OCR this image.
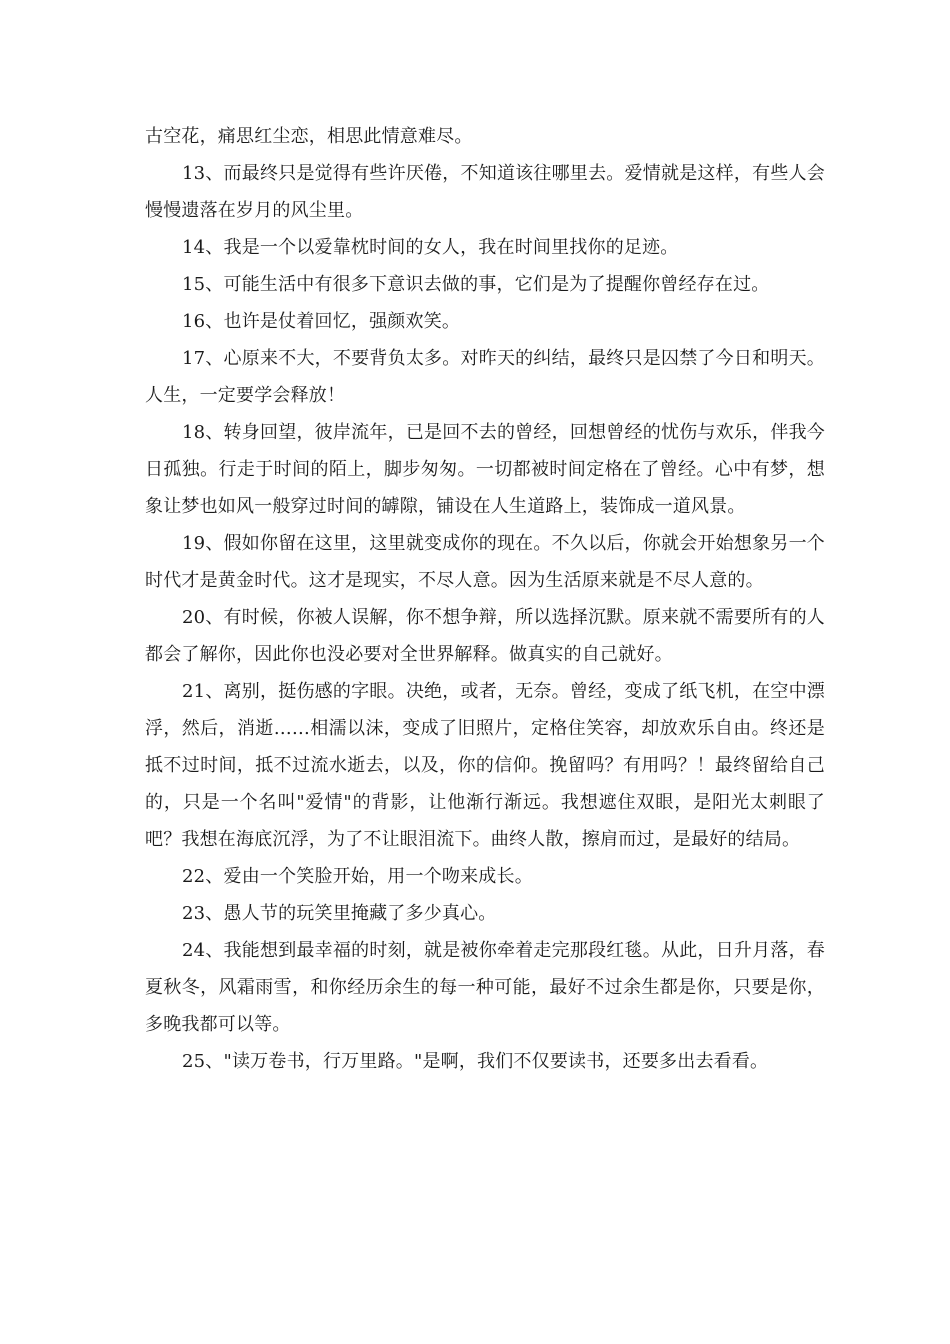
古空花，痛思红尘恋，相思此情意难尽。

13、而最终只是觉得有些许厌倦，不知道该往哪里去。爱情就是这样，有些人会慢慢遗落在岁月的风尘里。

14、我是一个以爱靠枕时间的女人，我在时间里找你的足迹。

15、可能生活中有很多下意识去做的事，它们是为了提醒你曾经存在过。

16、也许是仗着回忆，强颜欢笑。

17、心原来不大，不要背负太多。对昨天的纠结，最终只是囚禁了今日和明天。人生，一定要学会释放！

18、转身回望，彼岸流年，已是回不去的曾经，回想曾经的忧伤与欢乐，伴我今日孤独。行走于时间的陌上，脚步匆匆。一切都被时间定格在了曾经。心中有梦，想象让梦也如风一般穿过时间的罅隙，铺设在人生道路上，装饰成一道风景。

19、假如你留在这里，这里就变成你的现在。不久以后，你就会开始想象另一个时代才是黄金时代。这才是现实，不尽人意。因为生活原来就是不尽人意的。

20、有时候，你被人误解，你不想争辩，所以选择沉默。原来就不需要所有的人都会了解你，因此你也没必要对全世界解释。做真实的自己就好。

21、离别，挺伤感的字眼。决绝，或者，无奈。曾经，变成了纸飞机，在空中漂浮，然后，消逝……相濡以沫，变成了旧照片，定格住笑容，却放欢乐自由。终还是抵不过时间，抵不过流水逝去，以及，你的信仰。挽留吗？有用吗？！最终留给自己的，只是一个名叫"爱情"的背影，让他渐行渐远。我想遮住双眼，是阳光太刺眼了吧？我想在海底沉浮，为了不让眼泪流下。曲终人散，擦肩而过，是最好的结局。

22、爱由一个笑脸开始，用一个吻来成长。

23、愚人节的玩笑里掩藏了多少真心。

24、我能想到最幸福的时刻，就是被你牵着走完那段红毯。从此，日升月落，春夏秋冬，风霜雨雪，和你经历余生的每一种可能，最好不过余生都是你，只要是你，多晚我都可以等。

25、"读万卷书，行万里路。"是啊，我们不仅要读书，还要多出去看看。
